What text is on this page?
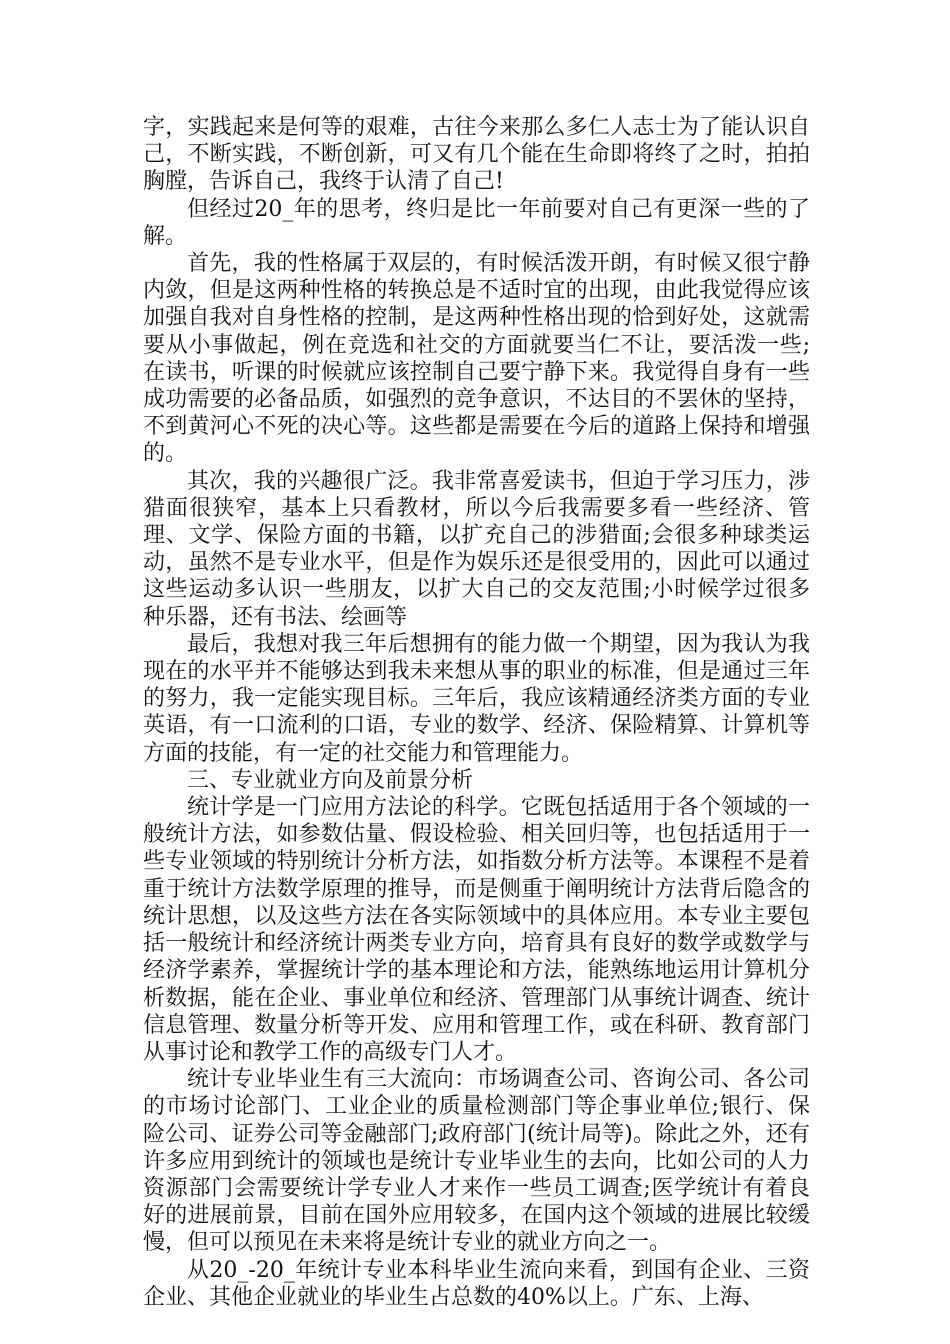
字，实践起来是何等的艰难，古往今来那么多仁人志士为了能认识自己，不断实践，不断创新，可又有几个能在生命即将终了之时，拍拍胸膛，告诉自己，我终于认清了自己!

但经过20_年的思考，终归是比一年前要对自己有更深一些的了解。

首先，我的性格属于双层的，有时候活泼开朗，有时候又很宁静内敛，但是这两种性格的转换总是不适时宜的出现，由此我觉得应该加强自我对自身性格的控制，是这两种性格出现的恰到好处，这就需要从小事做起，例在竞选和社交的方面就要当仁不让，要活泼一些;在读书，听课的时候就应该控制自己要宁静下来。我觉得自身有一些成功需要的必备品质，如强烈的竞争意识，不达目的不罢休的坚持，不到黄河心不死的决心等。这些都是需要在今后的道路上保持和增强的。

其次，我的兴趣很广泛。我非常喜爱读书，但迫于学习压力，涉猎面很狭窄，基本上只看教材，所以今后我需要多看一些经济、管理、文学、保险方面的书籍，以扩充自己的涉猎面;会很多种球类运动，虽然不是专业水平，但是作为娱乐还是很受用的，因此可以通过这些运动多认识一些朋友，以扩大自己的交友范围;小时候学过很多种乐器，还有书法、绘画等

最后，我想对我三年后想拥有的能力做一个期望，因为我认为我现在的水平并不能够达到我未来想从事的职业的标准，但是通过三年的努力，我一定能实现目标。三年后，我应该精通经济类方面的专业英语，有一口流利的口语，专业的数学、经济、保险精算、计算机等方面的技能，有一定的社交能力和管理能力。

三、专业就业方向及前景分析

统计学是一门应用方法论的科学。它既包括适用于各个领域的一般统计方法，如参数估量、假设检验、相关回归等，也包括适用于一些专业领域的特别统计分析方法，如指数分析方法等。本课程不是着重于统计方法数学原理的推导，而是侧重于阐明统计方法背后隐含的统计思想，以及这些方法在各实际领域中的具体应用。本专业主要包括一般统计和经济统计两类专业方向，培育具有良好的数学或数学与经济学素养，掌握统计学的基本理论和方法，能熟练地运用计算机分析数据，能在企业、事业单位和经济、管理部门从事统计调查、统计信息管理、数量分析等开发、应用和管理工作，或在科研、教育部门从事讨论和教学工作的高级专门人才。

统计专业毕业生有三大流向：市场调查公司、咨询公司、各公司的市场讨论部门、工业企业的质量检测部门等企事业单位;银行、保险公司、证券公司等金融部门;政府部门(统计局等)。除此之外，还有许多应用到统计的领域也是统计专业毕业生的去向，比如公司的人力资源部门会需要统计学专业人才来作一些员工调查;医学统计有着良好的进展前景，目前在国外应用较多，在国内这个领域的进展比较缓慢，但可以预见在未来将是统计专业的就业方向之一。

从20_-20_年统计专业本科毕业生流向来看，到国有企业、三资企业、其他企业就业的毕业生占总数的40%以上。广东、上海、
